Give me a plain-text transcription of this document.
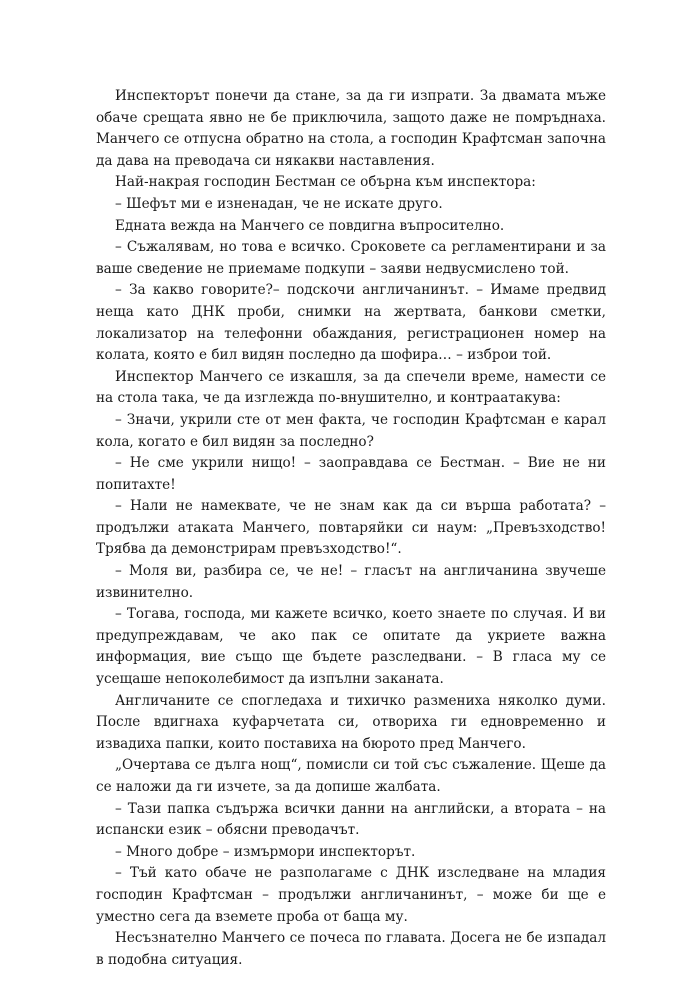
Инспекторът понечи да стане, за да ги изпрати. За двамата мъже обаче срещата явно не бе приключила, защото даже не помръднаха. Манчего се отпусна обратно на стола, а господин Крафтсман започна да дава на преводача си някакви наставления.

Най-накрая господин Бестман се обърна към инспектора:

– Шефът ми е изненадан, че не искате друго.

Едната вежда на Манчего се повдигна въпросително.

– Съжалявам, но това е всичко. Сроковете са регламентирани и за ваше сведение не приемаме подкупи – заяви недвусмислено той.

– За какво говорите?– подскочи англичанинът. – Имаме предвид неща като ДНК проби, снимки на жертвата, банкови сметки, локализатор на телефонни обаждания, регистрационен номер на колата, която е бил видян последно да шофира… – изброи той.

Инспектор Манчего се изкашля, за да спечели време, намести се на стола така, че да изглежда по-внушително, и контраатакува:

– Значи, укрили сте от мен факта, че господин Крафтсман е карал кола, когато е бил видян за последно?

– Не сме укрили нищо! – заоправдава се Бестман. – Вие не ни попитахте!

– Нали не намеквате, че не знам как да си върша работата? – продължи атаката Манчего, повтаряйки си наум: „Превъзходство! Трябва да демонстрирам превъзходство!“.

– Моля ви, разбира се, че не! – гласът на англичанина звучеше извинително.

– Тогава, господа, ми кажете всичко, което знаете по случая. И ви предупреждавам, че ако пак се опитате да укриете важна информация, вие също ще бъдете разследвани. – В гласа му се усещаше непоколебимост да изпълни заканата.

Англичаните се спогледаха и тихичко размениха няколко думи. После вдигнаха куфарчетата си, отвориха ги едновременно и извадиха папки, които поставиха на бюрото пред Манчего.

„Очертава се дълга нощ“, помисли си той със съжаление. Щеше да се наложи да ги изчете, за да допише жалбата.

– Тази папка съдържа всички данни на английски, а втората – на испански език – обясни преводачът.

– Много добре – измърмори инспекторът.

– Тъй като обаче не разполагаме с ДНК изследване на младия господин Крафтсман – продължи англичанинът, – може би ще е уместно сега да вземете проба от баща му.

Несъзнателно Манчего се почеса по главата. Досега не бе изпадал в подобна ситуация.
